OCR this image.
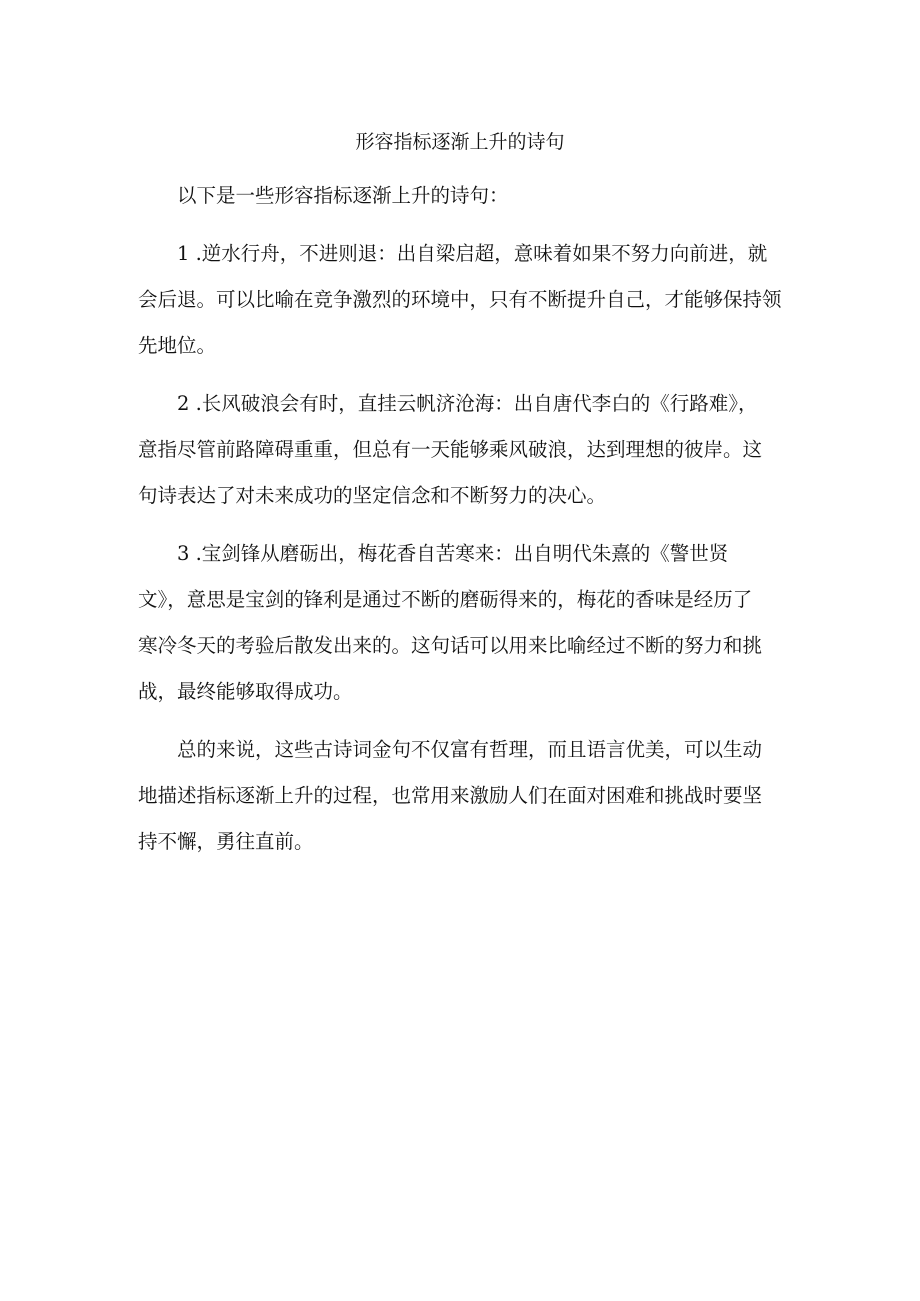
形容指标逐渐上升的诗句

以下是一些形容指标逐渐上升的诗句：

1 .逆水行舟，不进则退：出自梁启超，意味着如果不努力向前进，就
会后退。可以比喻在竞争激烈的环境中，只有不断提升自己，才能够保持领
先地位。

2 .长风破浪会有时，直挂云帆济沧海：出自唐代李白的《行路难》，
意指尽管前路障碍重重，但总有一天能够乘风破浪，达到理想的彼岸。这
句诗表达了对未来成功的坚定信念和不断努力的决心。

3 .宝剑锋从磨砺出，梅花香自苦寒来：出自明代朱熹的《警世贤
文》，意思是宝剑的锋利是通过不断的磨砺得来的，梅花的香味是经历了
寒冷冬天的考验后散发出来的。这句话可以用来比喻经过不断的努力和挑
战，最终能够取得成功。

总的来说，这些古诗词金句不仅富有哲理，而且语言优美，可以生动
地描述指标逐渐上升的过程，也常用来激励人们在面对困难和挑战时要坚
持不懈，勇往直前。
